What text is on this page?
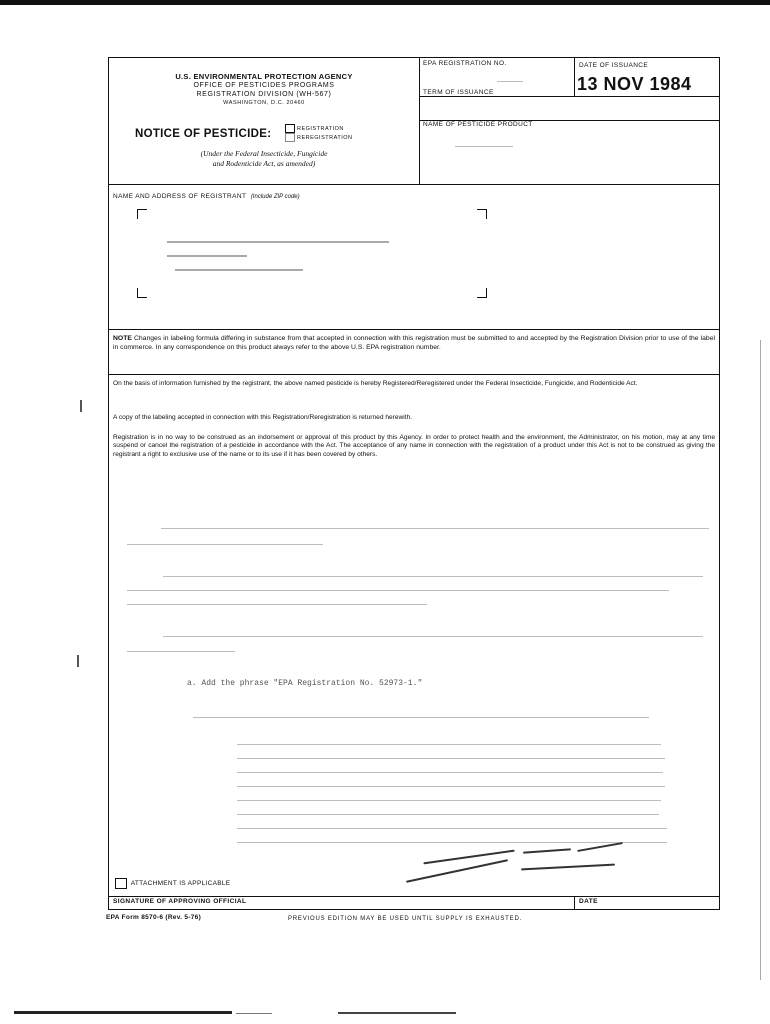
U.S. ENVIRONMENTAL PROTECTION AGENCY
OFFICE OF PESTICIDES PROGRAMS
REGISTRATION DIVISION (WH-567)
WASHINGTON, D.C. 20460
NOTICE OF PESTICIDE:	REGISTRATION
REREGISTRATION
(Under the Federal Insecticide, Fungicide
and Rodenticide Act, as amended)
EPA REGISTRATION NO.	DATE OF ISSUANCE
13 NOV 1984
TERM OF ISSUANCE
NAME OF PESTICIDE PRODUCT
NAME AND ADDRESS OF REGISTRANT (Include ZIP code)
NOTE Changes in labeling formula differing in substance from that accepted in connection with this registration must be submitted to and accepted by the Registration Division prior to use of the label in commerce. In any correspondence on this product always refer to the above U.S. EPA registration number.
On the basis of information furnished by the registrant, the above named pesticide is hereby Registered/Reregistered under the Federal Insecticide, Fungicide, and Rodenticide Act.
A copy of the labeling accepted in connection with this Registration/Reregistration is returned herewith.
Registration is in no way to be construed as an indorsement or approval of this product by this Agency. In order to protect health and the environment, the Administrator, on his motion, may at any time suspend or cancel the registration of a pesticide in accordance with the Act. The acceptance of any name in connection with the registration of a product under this Act is not to be construed as giving the registrant a right to exclusive use of the name or to its use if it has been covered by others.
a. Add the phrase "EPA Registration No. 52973-1."
ATTACHMENT IS APPLICABLE
SIGNATURE OF APPROVING OFFICIAL	DATE
EPA Form 8570-6 (Rev. 5-76)	PREVIOUS EDITION MAY BE USED UNTIL SUPPLY IS EXHAUSTED.
